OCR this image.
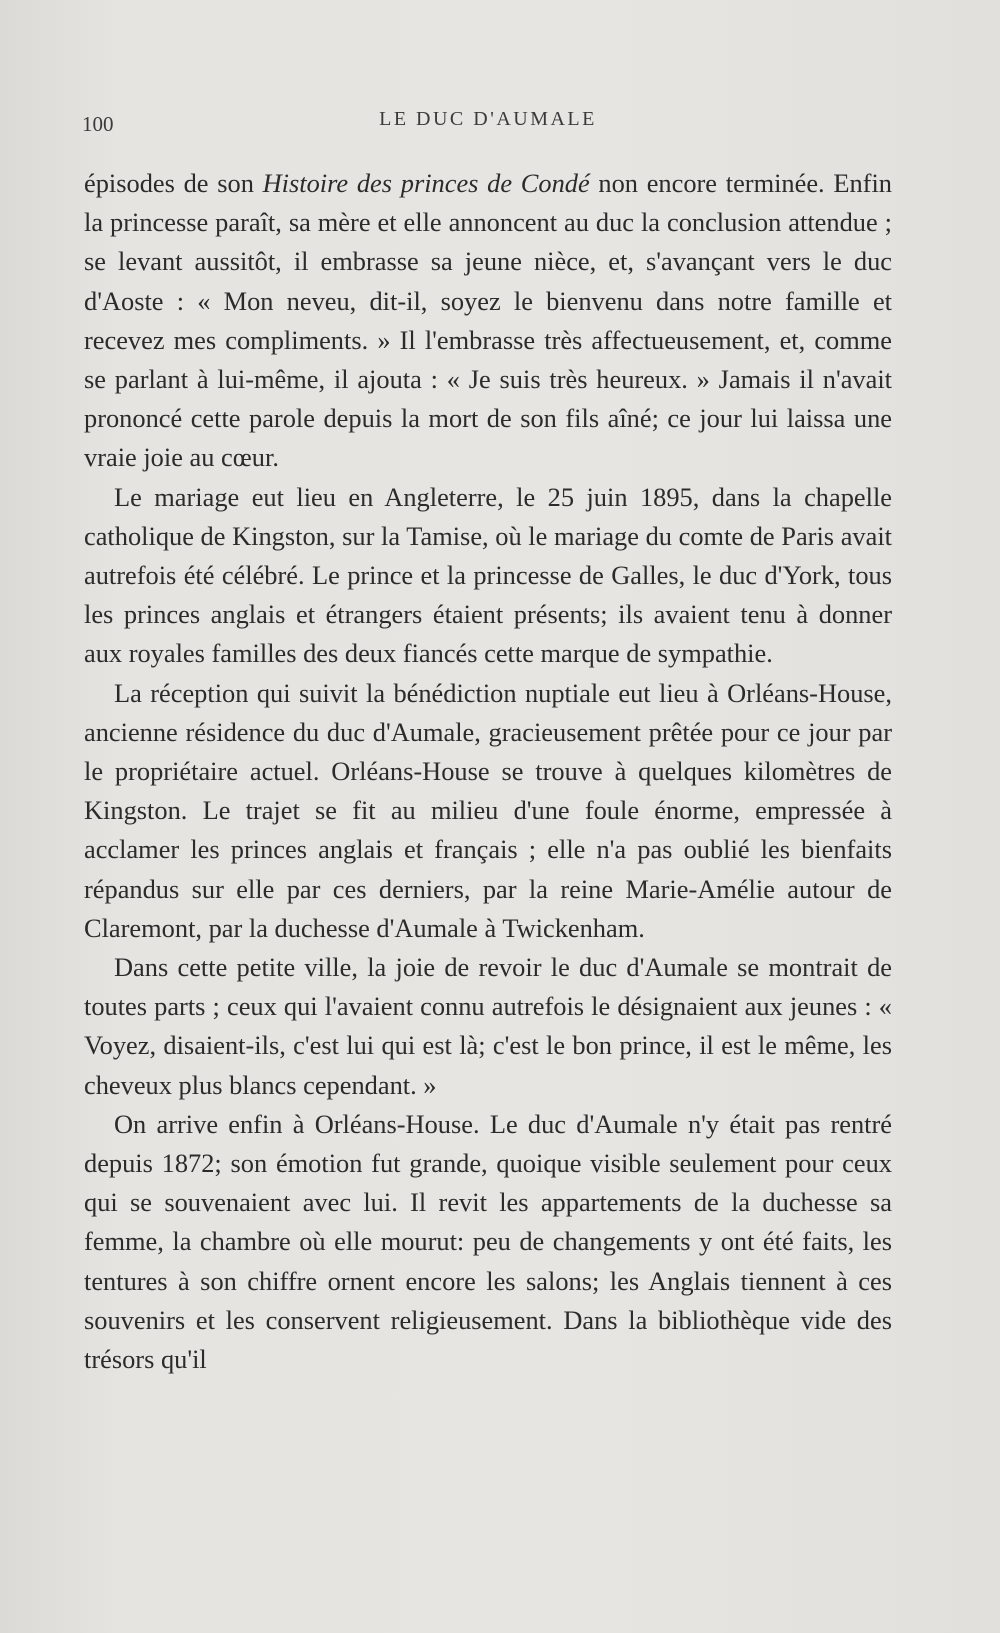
100	LE DUC D'AUMALE

épisodes de son Histoire des princes de Condé non encore terminée. Enfin la princesse paraît, sa mère et elle annoncent au duc la conclusion attendue ; se levant aussitôt, il embrasse sa jeune nièce, et, s'avançant vers le duc d'Aoste : « Mon neveu, dit-il, soyez le bienvenu dans notre famille et recevez mes compliments. » Il l'embrasse très affectueusement, et, comme se parlant à lui-même, il ajouta : « Je suis très heureux. » Jamais il n'avait prononcé cette parole depuis la mort de son fils aîné; ce jour lui laissa une vraie joie au cœur.

Le mariage eut lieu en Angleterre, le 25 juin 1895, dans la chapelle catholique de Kingston, sur la Tamise, où le mariage du comte de Paris avait autrefois été célébré. Le prince et la princesse de Galles, le duc d'York, tous les princes anglais et étrangers étaient présents; ils avaient tenu à donner aux royales familles des deux fiancés cette marque de sympathie.

La réception qui suivit la bénédiction nuptiale eut lieu à Orléans-House, ancienne résidence du duc d'Aumale, gracieusement prêtée pour ce jour par le propriétaire actuel. Orléans-House se trouve à quelques kilomètres de Kingston. Le trajet se fit au milieu d'une foule énorme, empressée à acclamer les princes anglais et français ; elle n'a pas oublié les bienfaits répandus sur elle par ces derniers, par la reine Marie-Amélie autour de Claremont, par la duchesse d'Aumale à Twickenham.

Dans cette petite ville, la joie de revoir le duc d'Aumale se montrait de toutes parts ; ceux qui l'avaient connu autrefois le désignaient aux jeunes : « Voyez, disaient-ils, c'est lui qui est là; c'est le bon prince, il est le même, les cheveux plus blancs cependant. »

On arrive enfin à Orléans-House. Le duc d'Aumale n'y était pas rentré depuis 1872; son émotion fut grande, quoique visible seulement pour ceux qui se souvenaient avec lui. Il revit les appartements de la duchesse sa femme, la chambre où elle mourut: peu de changements y ont été faits, les tentures à son chiffre ornent encore les salons; les Anglais tiennent à ces souvenirs et les conservent religieusement. Dans la bibliothèque vide des trésors qu'il
